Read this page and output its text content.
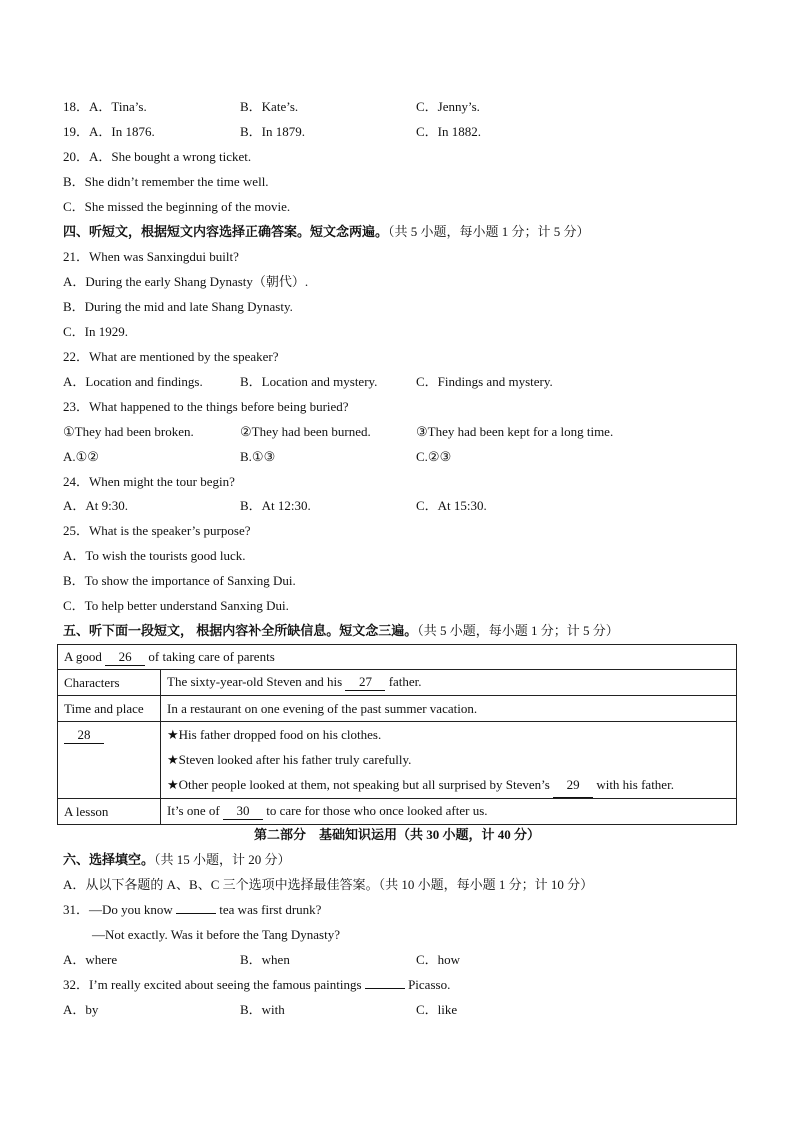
18．A．Tina’s.	B．Kate’s.	C．Jenny’s.
19．A．In 1876.	B．In 1879.	C．In 1882.
20．A．She bought a wrong ticket.
B．She didn’t remember the time well.
C．She missed the beginning of the movie.
四、听短文，根据短文内容选择正确答案。短文念两遍。（共 5 小题，每小题 1 分；计 5 分）
21．When was Sanxingdui built?
A．During the early Shang Dynasty（朝代）.
B．During the mid and late Shang Dynasty.
C．In 1929.
22．What are mentioned by the speaker?
A．Location and findings.	B．Location and mystery.	C．Findings and mystery.
23．What happened to the things before being buried?
①They had been broken.	②They had been burned.	③They had been kept for a long time.
A.①②	B.①③	C.②③
24．When might the tour begin?
A．At 9:30.	B．At 12:30.	C．At 15:30.
25．What is the speaker’s purpose?
A．To wish the tourists good luck.
B．To show the importance of Sanxing Dui.
C．To help better understand Sanxing Dui.
五、听下面一段短文， 根据内容补全所缺信息。短文念三遍。（共 5 小题，每小题 1 分；计 5 分）
A good 26 of taking care of parents	
Characters	The sixty-year-old Steven and his 27 father.
Time and place	In a restaurant on one evening of the past summer vacation.
28	★His father dropped food on his clothes.
★Steven looked after his father truly carefully.
★Other people looked at them, not speaking but all surprised by Steven’s 29 with his father.

A lesson	It’s one of 30 to care for those who once looked after us.
第二部分　基础知识运用（共 30 小题，计 40 分）
六、选择填空。（共 15 小题，计 20 分）
A．从以下各题的 A、B、C 三个选项中选择最佳答案。（共 10 小题，每小题 1 分；计 10 分）
31．—Do you know	tea was first drunk?
—Not exactly. Was it before the Tang Dynasty?
A．where	B．when	C．how
32．I’m really excited about seeing the famous paintings	Picasso.
A．by	B．with	C．like
